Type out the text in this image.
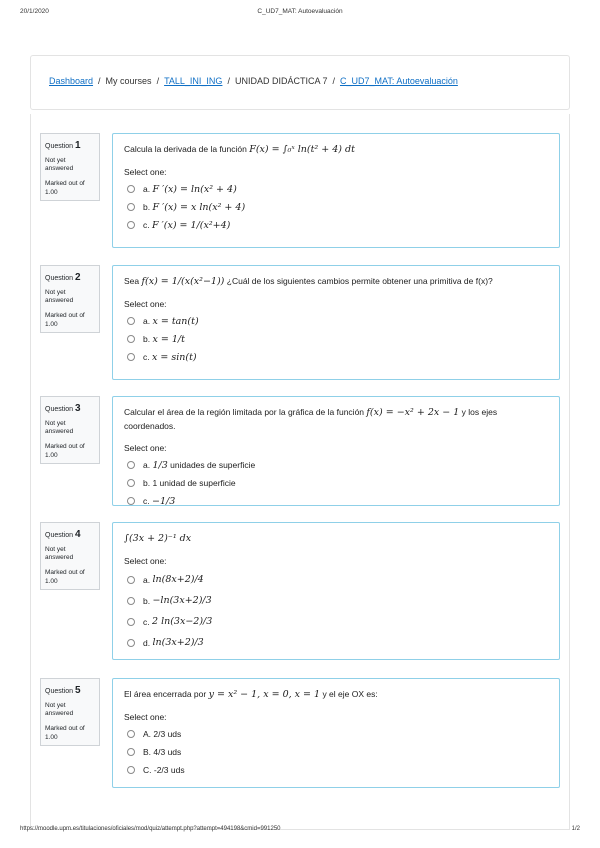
20/1/2020	C_UD7_MAT: Autoevaluación
Dashboard / My courses / TALL_INI_ING / UNIDAD DIDÁCTICA 7 / C_UD7_MAT: Autoevaluación
Question 1
Not yet answered
Marked out of
1.00
Calcula la derivada de la función F(x) = ∫₀ˣ ln(t² + 4) dt
Select one:
a.
F ′(x) = ln(x² + 4)
b.
F ′(x) = x ln(x² + 4)
c.
F ′(x) = 1/(x²+4)
Question 2
Not yet answered
Marked out of
1.00
Sea f(x) = 1/(x(x²−1)) ¿Cuál de los siguientes cambios permite obtener una primitiva de f(x)?
Select one:
a.
x = tan(t)
b.
x = 1/t
c.
x = sin(t)
Question 3
Not yet answered
Marked out of
1.00
Calcular el área de la región limitada por la gráfica de la función f(x) = −x² + 2x − 1 y los ejes coordenados.
Select one:
a.
1/3
unidades de superficie
b.
1 unidad de superficie
c.
−1/3
Question 4
Not yet answered
Marked out of
1.00
∫(3x + 2)⁻¹ dx
Select one:
a.
ln(8x+2)/4
b.
−ln(3x+2)/3
c.
2 ln(3x−2)/3
d.
ln(3x+2)/3
Question 5
Not yet answered
Marked out of
1.00
El área encerrada por y = x² − 1, x = 0, x = 1 y el eje OX es:
Select one:
A.
2/3 uds
B.
4/3 uds
C.
-2/3 uds
https://moodle.upm.es/titulaciones/oficiales/mod/quiz/attempt.php?attempt=494198&cmid=991250	1/2
